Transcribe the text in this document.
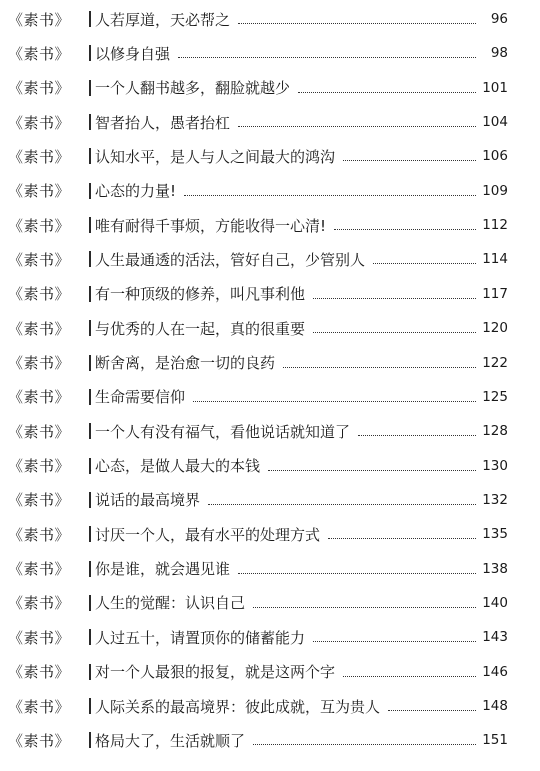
《素书》 人若厚道，天必帮之	96
《素书》 以修身自强	98
《素书》 一个人翻书越多，翻脸就越少	101
《素书》 智者抬人，愚者抬杠	104
《素书》 认知水平，是人与人之间最大的鸿沟	106
《素书》 心态的力量!	109
《素书》 唯有耐得千事烦，方能收得一心清!	112
《素书》 人生最通透的活法，管好自己，少管别人	114
《素书》 有一种顶级的修养，叫凡事利他	117
《素书》 与优秀的人在一起，真的很重要	120
《素书》 断舍离，是治愈一切的良药	122
《素书》 生命需要信仰	125
《素书》 一个人有没有福气，看他说话就知道了	128
《素书》 心态，是做人最大的本钱	130
《素书》 说话的最高境界	132
《素书》 讨厌一个人，最有水平的处理方式	135
《素书》 你是谁，就会遇见谁	138
《素书》 人生的觉醒：认识自己	140
《素书》 人过五十，请置顶你的储蓄能力	143
《素书》 对一个人最狠的报复，就是这两个字	146
《素书》 人际关系的最高境界：彼此成就，互为贵人	148
《素书》 格局大了，生活就顺了	151
